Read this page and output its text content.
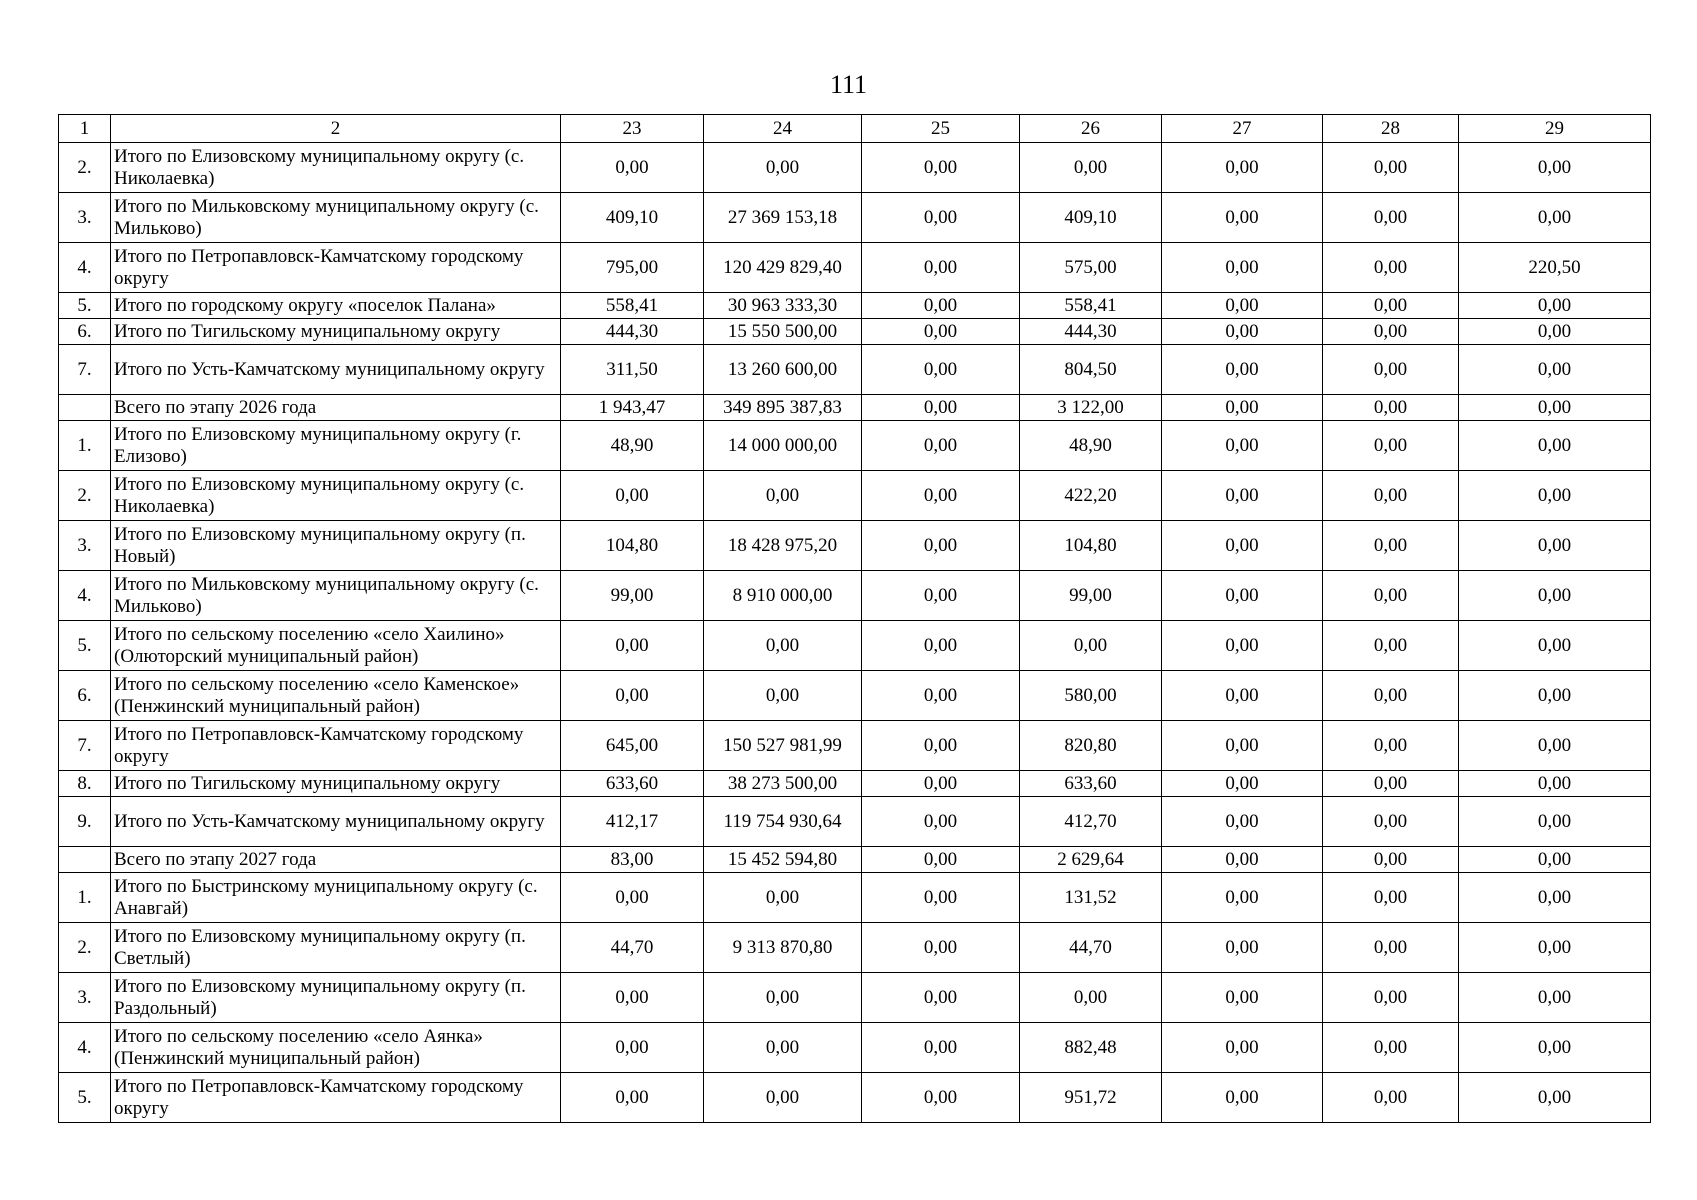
111
1	2	23	24	25	26	27	28	29
2.	Итого по Елизовскому муниципальному округу (с. Николаевка)	0,00	0,00	0,00	0,00	0,00	0,00	0,00
3.	Итого по Мильковскому муниципальному округу (с. Мильково)	409,10	27 369 153,18	0,00	409,10	0,00	0,00	0,00
4.	Итого по Петропавловск-Камчатскому городскому округу	795,00	120 429 829,40	0,00	575,00	0,00	0,00	220,50
5.	Итого по городскому округу «поселок Палана»	558,41	30 963 333,30	0,00	558,41	0,00	0,00	0,00
6.	Итого по Тигильскому муниципальному округу	444,30	15 550 500,00	0,00	444,30	0,00	0,00	0,00
7.	Итого по Усть-Камчатскому муниципальному округу	311,50	13 260 600,00	0,00	804,50	0,00	0,00	0,00
	Всего по этапу 2026 года	1 943,47	349 895 387,83	0,00	3 122,00	0,00	0,00	0,00
1.	Итого по Елизовскому муниципальному округу (г. Елизово)	48,90	14 000 000,00	0,00	48,90	0,00	0,00	0,00
2.	Итого по Елизовскому муниципальному округу (с. Николаевка)	0,00	0,00	0,00	422,20	0,00	0,00	0,00
3.	Итого по Елизовскому муниципальному округу (п. Новый)	104,80	18 428 975,20	0,00	104,80	0,00	0,00	0,00
4.	Итого по Мильковскому муниципальному округу (с. Мильково)	99,00	8 910 000,00	0,00	99,00	0,00	0,00	0,00
5.	Итого по сельскому поселению «село Хаилино» (Олюторский муниципальный район)	0,00	0,00	0,00	0,00	0,00	0,00	0,00
6.	Итого по сельскому поселению «село Каменское» (Пенжинский муниципальный район)	0,00	0,00	0,00	580,00	0,00	0,00	0,00
7.	Итого по Петропавловск-Камчатскому городскому округу	645,00	150 527 981,99	0,00	820,80	0,00	0,00	0,00
8.	Итого по Тигильскому муниципальному округу	633,60	38 273 500,00	0,00	633,60	0,00	0,00	0,00
9.	Итого по Усть-Камчатскому муниципальному округу	412,17	119 754 930,64	0,00	412,70	0,00	0,00	0,00
	Всего по этапу 2027 года	83,00	15 452 594,80	0,00	2 629,64	0,00	0,00	0,00
1.	Итого по Быстринскому муниципальному округу (с. Анавгай)	0,00	0,00	0,00	131,52	0,00	0,00	0,00
2.	Итого по Елизовскому муниципальному округу (п. Светлый)	44,70	9 313 870,80	0,00	44,70	0,00	0,00	0,00
3.	Итого по Елизовскому муниципальному округу (п. Раздольный)	0,00	0,00	0,00	0,00	0,00	0,00	0,00
4.	Итого по сельскому поселению «село Аянка» (Пенжинский муниципальный район)	0,00	0,00	0,00	882,48	0,00	0,00	0,00
5.	Итого по Петропавловск-Камчатскому городскому округу	0,00	0,00	0,00	951,72	0,00	0,00	0,00
